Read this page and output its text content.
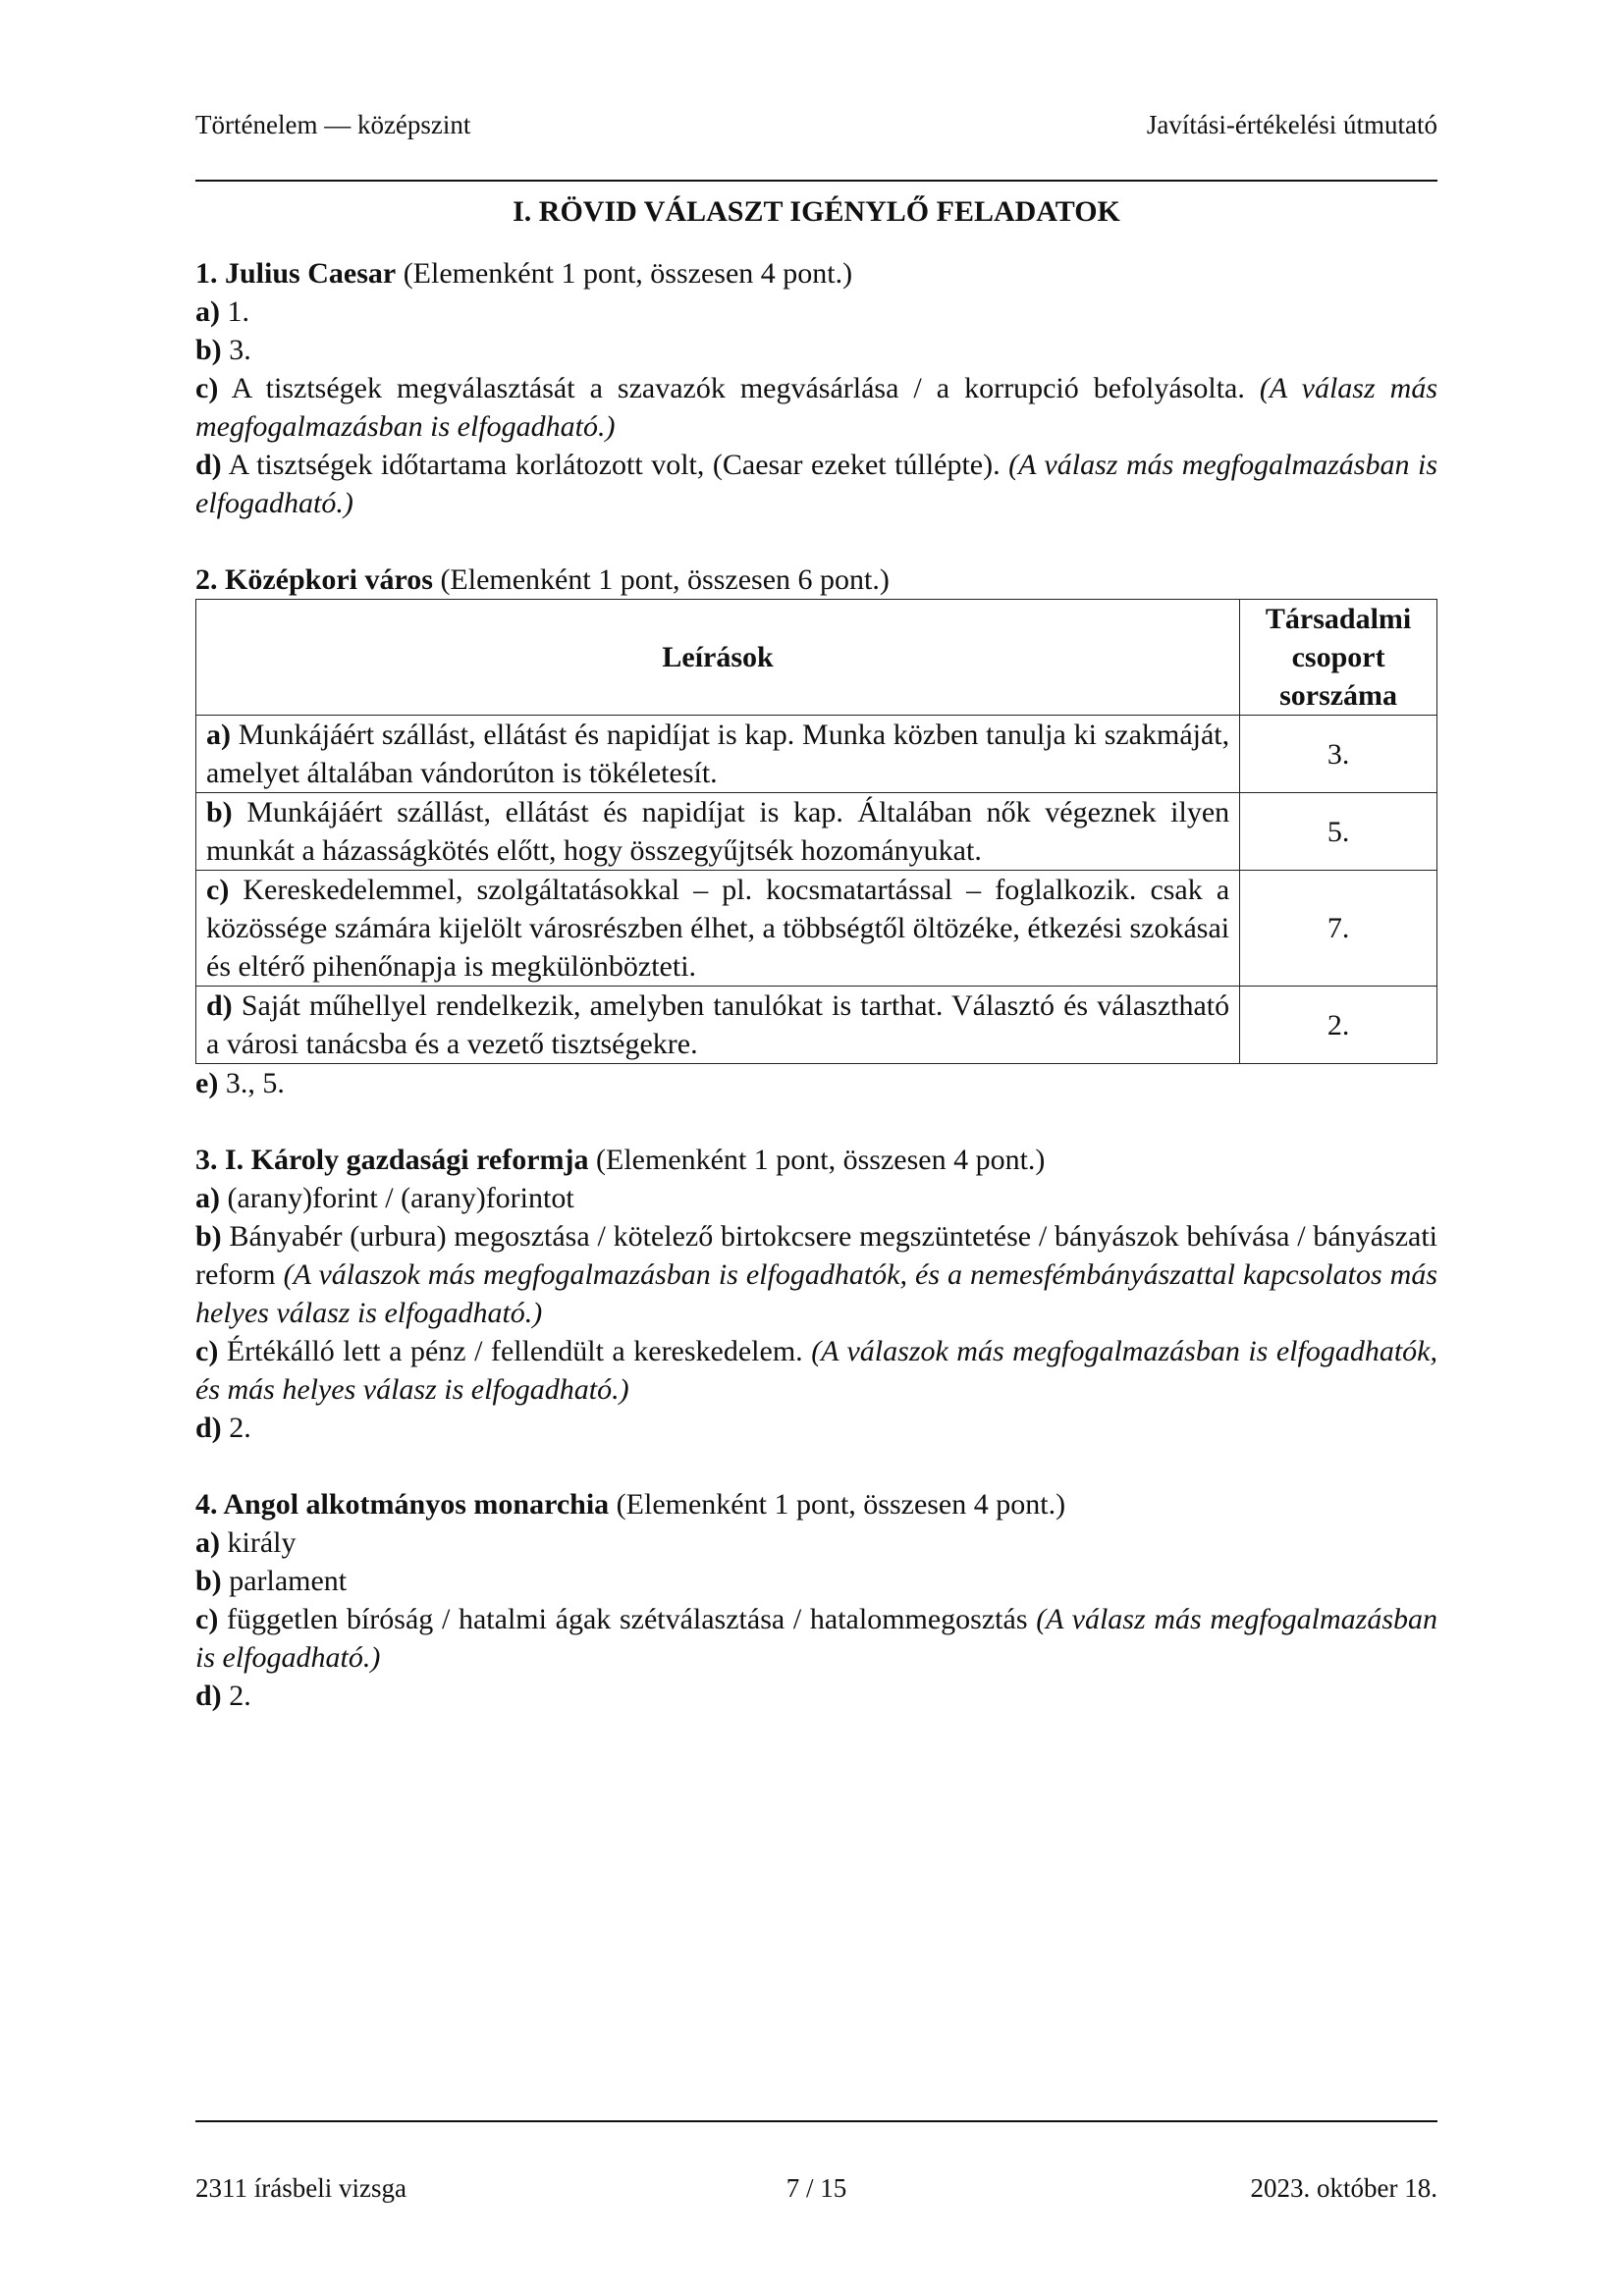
Történelem — középszint	Javítási-értékelési útmutató

I. RÖVID VÁLASZT IGÉNYLŐ FELADATOK

1. Julius Caesar (Elemenként 1 pont, összesen 4 pont.)

a) 1.

b) 3.

c) A tisztségek megválasztását a szavazók megvásárlása / a korrupció befolyásolta. (A válasz más megfogalmazásban is elfogadható.)

d) A tisztségek időtartama korlátozott volt, (Caesar ezeket túllépte). (A válasz más megfogalmazásban is elfogadható.)

2. Középkori város (Elemenként 1 pont, összesen 6 pont.)

Leírások	Társadalmi csoport sorszáma
a) Munkájáért szállást, ellátást és napidíjat is kap. Munka közben tanulja ki szakmáját, amelyet általában vándorúton is tökéletesít.	3.
b) Munkájáért szállást, ellátást és napidíjat is kap. Általában nők végeznek ilyen munkát a házasságkötés előtt, hogy összegyűjtsék hozományukat.	5.
c) Kereskedelemmel, szolgáltatásokkal – pl. kocsmatartással – foglalkozik. csak a közössége számára kijelölt városrészben élhet, a többségtől öltözéke, étkezési szokásai és eltérő pihenőnapja is megkülönbözteti.	7.
d) Saját műhellyel rendelkezik, amelyben tanulókat is tarthat. Választó és választható a városi tanácsba és a vezető tisztségekre.	2.

e) 3., 5.

3. I. Károly gazdasági reformja (Elemenként 1 pont, összesen 4 pont.)

a) (arany)forint / (arany)forintot

b) Bányabér (urbura) megosztása / kötelező birtokcsere megszüntetése / bányászok behívása / bányászati reform (A válaszok más megfogalmazásban is elfogadhatók, és a nemesfémbányászattal kapcsolatos más helyes válasz is elfogadható.)

c) Értékálló lett a pénz / fellendült a kereskedelem. (A válaszok más megfogalmazásban is elfogadhatók, és más helyes válasz is elfogadható.)

d) 2.

4. Angol alkotmányos monarchia (Elemenként 1 pont, összesen 4 pont.)

a) király

b) parlament

c) független bíróság / hatalmi ágak szétválasztása / hatalommegosztás (A válasz más megfogalmazásban is elfogadható.)

d) 2.

2311 írásbeli vizsga	7 / 15	2023. október 18.
